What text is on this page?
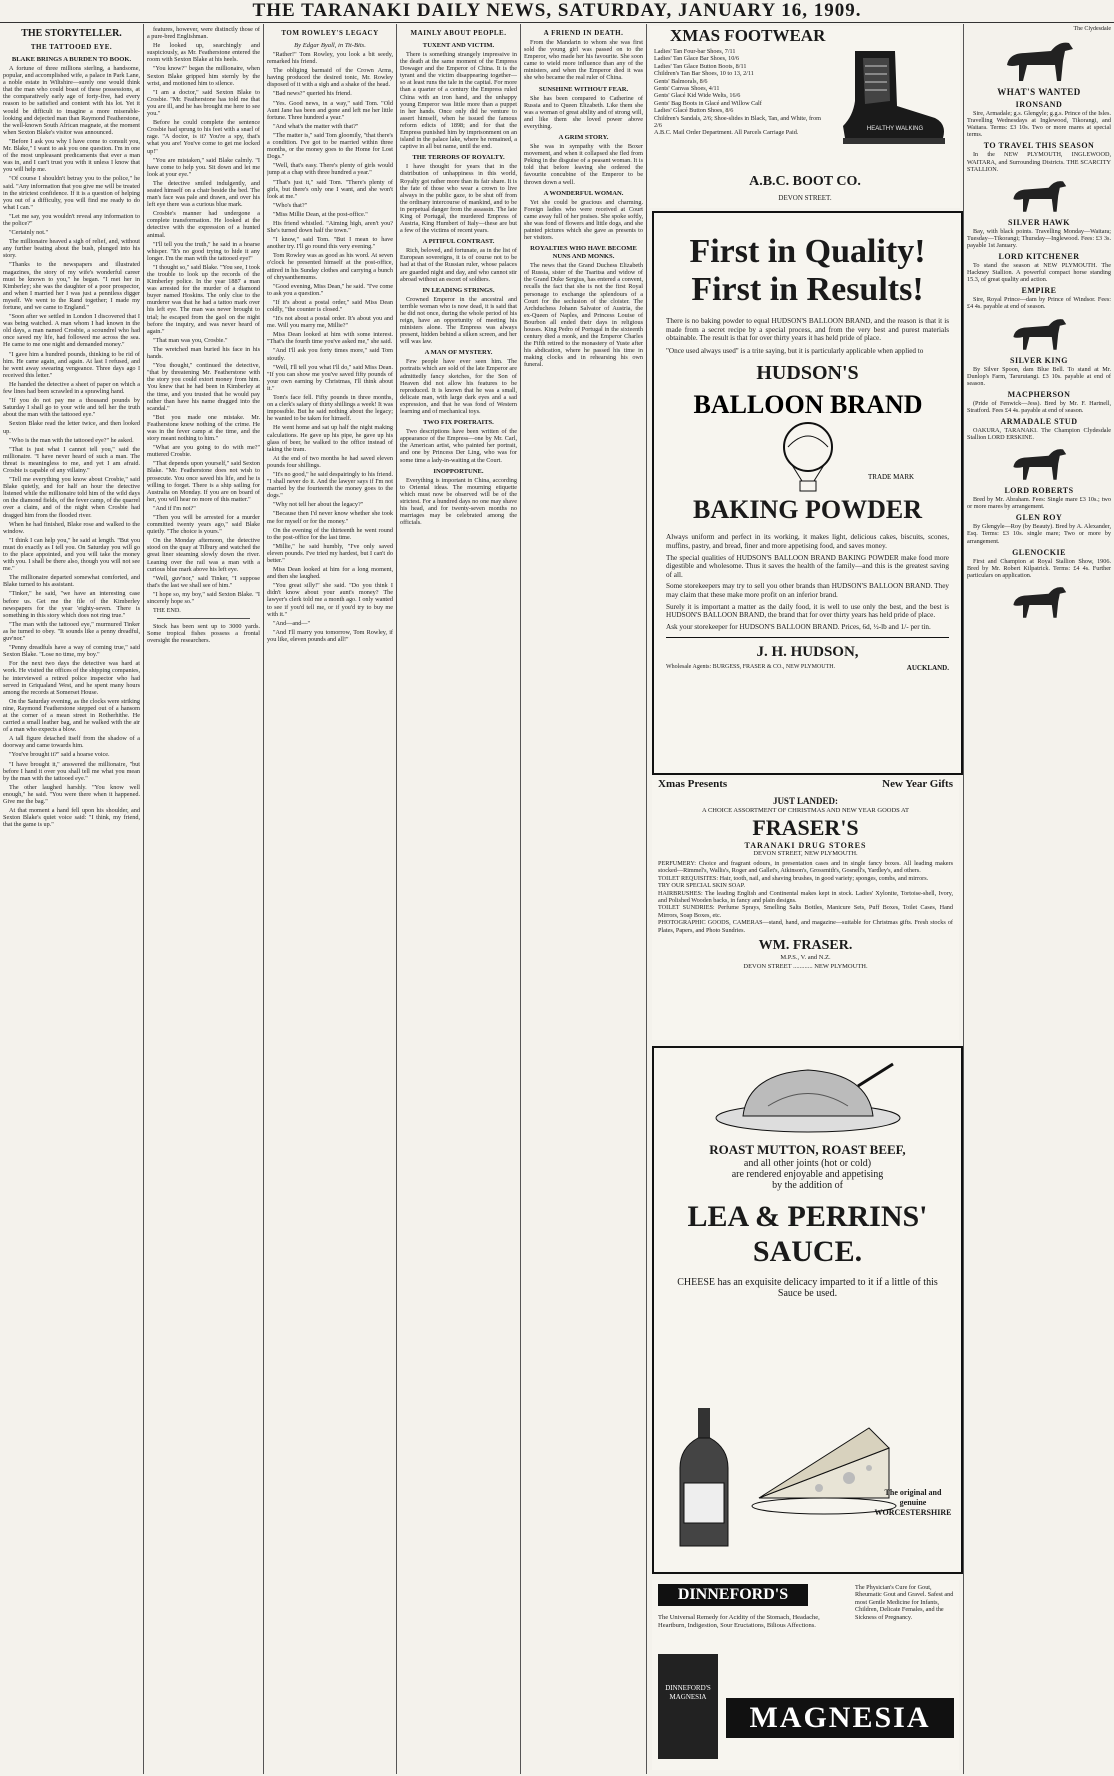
THE TARANAKI DAILY NEWS, SATURDAY, JANUARY 16, 1909.
THE STORYTELLER.
THE TATTOOED EYE.
BLAKE BRINGS A BURDEN TO BOOK.

A fortune of three millions sterling, a handsome, popular, and accomplished wife, a palace in Park Lane, a noble estate in Wiltshire—surely one would think that the man who could boast of these possessions, at the comparatively early age of forty-five, had every reason to be satisfied and content with his lot. Yet it would be difficult to imagine a more miserable-looking and dejected man than Raymond Featherstone, the well-known South African magnate, at the moment when Sexton Blake's visitor was announced.

"Before I ask you why I have come to consult you, Mr. Blake," I want to ask you one question. I'm in one of the most unpleasant predicaments that ever a man was in, and I can't trust you with it unless I know that you will help me.

"Of course I shouldn't betray you to the police," he said. "Any information that you give me will be treated in the strictest confidence. If it is a question of helping you out of a difficulty, you will find me ready to do what I can."

"Let me say, you wouldn't reveal any information to the police?"

"Certainly not."

The millionaire heaved a sigh of relief, and, without any further beating about the bush, plunged into his story.

"Thanks to the newspapers and illustrated magazines, the story of my wife's wonderful career must be known to you," he began. "I met her in Kimberley; she was the daughter of a poor prospector, and when I married her I was just a penniless digger myself. We went to the Rand together; I made my fortune, and we came to England."

"Soon after we settled in London I discovered that I was being watched. A man whom I had known in the old days, a man named Crosbie, a scoundrel who had once saved my life, had followed me across the sea. He came to me one night and demanded money."

"I gave him a hundred pounds, thinking to be rid of him. He came again, and again. At last I refused, and he went away swearing vengeance. Three days ago I received this letter."

He handed the detective a sheet of paper on which a few lines had been scrawled in a sprawling hand.

"If you do not pay me a thousand pounds by Saturday I shall go to your wife and tell her the truth about the man with the tattooed eye."

Sexton Blake read the letter twice, and then looked up.

"Who is the man with the tattooed eye?" he asked.

"That is just what I cannot tell you," said the millionaire. "I have never heard of such a man. The threat is meaningless to me, and yet I am afraid. Crosbie is capable of any villainy."

"Tell me everything you know about Crosbie," said Blake quietly, and for half an hour the detective listened while the millionaire told him of the wild days on the diamond fields, of the fever camp, of the quarrel over a claim, and of the night when Crosbie had dragged him from the flooded river.

When he had finished, Blake rose and walked to the window.

"I think I can help you," he said at length. "But you must do exactly as I tell you. On Saturday you will go to the place appointed, and you will take the money with you. I shall be there also, though you will not see me."

The millionaire departed somewhat comforted, and Blake turned to his assistant.

"Tinker," he said, "we have an interesting case before us. Get me the file of the Kimberley newspapers for the year 'eighty-seven. There is something in this story which does not ring true."

"The man with the tattooed eye," murmured Tinker as he turned to obey. "It sounds like a penny dreadful, guv'nor."

"Penny dreadfuls have a way of coming true," said Sexton Blake. "Lose no time, my boy."

For the next two days the detective was hard at work. He visited the offices of the shipping companies, he interviewed a retired police inspector who had served in Griqualand West, and he spent many hours among the records at Somerset House.

On the Saturday evening, as the clocks were striking nine, Raymond Featherstone stepped out of a hansom at the corner of a mean street in Rotherhithe. He carried a small leather bag, and he walked with the air of a man who expects a blow.

A tall figure detached itself from the shadow of a doorway and came towards him.

"You've brought it?" said a hoarse voice.

"I have brought it," answered the millionaire, "but before I hand it over you shall tell me what you mean by the man with the tattooed eye."

The other laughed harshly. "You know well enough," he said. "You were there when it happened. Give me the bag."

At that moment a hand fell upon his shoulder, and Sexton Blake's quiet voice said: "I think, my friend, that the game is up."

features, however, were distinctly those of a pure-bred Englishman.

He looked up, searchingly and suspiciously, as Mr. Featherstone entered the room with Sexton Blake at his heels.

"You know?" began the millionaire, when Sexton Blake gripped him sternly by the wrist, and motioned him to silence.

"I am a doctor," said Sexton Blake to Crosbie. "Mr. Featherstone has told me that you are ill, and he has brought me here to see you."

Before he could complete the sentence Crosbie had sprung to his feet with a snarl of rage. "A doctor, is it? You're a spy, that's what you are! You've come to get me locked up!"

"You are mistaken," said Blake calmly. "I have come to help you. Sit down and let me look at your eye."

The detective smiled indulgently, and seated himself on a chair beside the bed. The man's face was pale and drawn, and over his left eye there was a curious blue mark.

Crosbie's manner had undergone a complete transformation. He looked at the detective with the expression of a hunted animal.

"I'll tell you the truth," he said in a hoarse whisper. "It's no good trying to hide it any longer. I'm the man with the tattooed eye!"

"I thought so," said Blake. "You see, I took the trouble to look up the records of the Kimberley police. In the year 1887 a man was arrested for the murder of a diamond buyer named Hoskins. The only clue to the murderer was that he had a tattoo mark over his left eye. The man was never brought to trial; he escaped from the gaol on the night before the inquiry, and was never heard of again."

"That man was you, Crosbie."

The wretched man buried his face in his hands.

"You thought," continued the detective, "that by threatening Mr. Featherstone with the story you could extort money from him. You knew that he had been in Kimberley at the time, and you trusted that he would pay rather than have his name dragged into the scandal."

"But you made one mistake. Mr. Featherstone knew nothing of the crime. He was in the fever camp at the time, and the story meant nothing to him."

"What are you going to do with me?" muttered Crosbie.

"That depends upon yourself," said Sexton Blake. "Mr. Featherstone does not wish to prosecute. You once saved his life, and he is willing to forget. There is a ship sailing for Australia on Monday. If you are on board of her, you will hear no more of this matter."

"And if I'm not?"

"Then you will be arrested for a murder committed twenty years ago," said Blake quietly. "The choice is yours."

On the Monday afternoon, the detective stood on the quay at Tilbury and watched the great liner steaming slowly down the river. Leaning over the rail was a man with a curious blue mark above his left eye.

"Well, guv'nor," said Tinker, "I suppose that's the last we shall see of him."

"I hope so, my boy," said Sexton Blake. "I sincerely hope so."

THE END.

Stock has been sent up to 3000 yards. Some tropical fishes possess a frontal oversight the researchers.

TOM ROWLEY'S LEGACY
By Edgar Byall, in Tit-Bits.

"Rather!" Tom Rowley, you look a bit seedy, remarked his friend.

The obliging barmaid of the Crown Arms, having produced the desired tonic, Mr. Rowley disposed of it with a sigh and a shake of the head.

"Bad news?" queried his friend.

"Yes. Good news, in a way," said Tom. "Old Aunt Jane has been and gone and left me her little fortune. Three hundred a year."

"And what's the matter with that?"

"The matter is," said Tom gloomily, "that there's a condition. I've got to be married within three months, or the money goes to the Home for Lost Dogs."

"Well, that's easy. There's plenty of girls would jump at a chap with three hundred a year."

"That's just it," said Tom. "There's plenty of girls, but there's only one I want, and she won't look at me."

"Who's that?"

"Miss Millie Dean, at the post-office."

His friend whistled. "Aiming high, aren't you? She's turned down half the town."

"I know," said Tom. "But I mean to have another try. I'll go round this very evening."

Tom Rowley was as good as his word. At seven o'clock he presented himself at the post-office, attired in his Sunday clothes and carrying a bunch of chrysanthemums.

"Good evening, Miss Dean," he said. "I've come to ask you a question."

"If it's about a postal order," said Miss Dean coldly, "the counter is closed."

"It's not about a postal order. It's about you and me. Will you marry me, Millie?"

Miss Dean looked at him with some interest. "That's the fourth time you've asked me," she said.

"And I'll ask you forty times more," said Tom stoutly.

"Well, I'll tell you what I'll do," said Miss Dean. "If you can show me you've saved fifty pounds of your own earning by Christmas, I'll think about it."

Tom's face fell. Fifty pounds in three months, on a clerk's salary of thirty shillings a week! It was impossible. But he said nothing about the legacy; he wanted to be taken for himself.

He went home and sat up half the night making calculations. He gave up his pipe, he gave up his glass of beer, he walked to the office instead of taking the tram.

At the end of two months he had saved eleven pounds four shillings.

"It's no good," he said despairingly to his friend. "I shall never do it. And the lawyer says if I'm not married by the fourteenth the money goes to the dogs."

"Why not tell her about the legacy?"

"Because then I'd never know whether she took me for myself or for the money."

On the evening of the thirteenth he went round to the post-office for the last time.

"Millie," he said humbly, "I've only saved eleven pounds. I've tried my hardest, but I can't do better."

Miss Dean looked at him for a long moment, and then she laughed.

"You great silly!" she said. "Do you think I didn't know about your aunt's money? The lawyer's clerk told me a month ago. I only wanted to see if you'd tell me, or if you'd try to buy me with it."

"And—and—"

"And I'll marry you tomorrow, Tom Rowley, if you like, eleven pounds and all!"

MAINLY ABOUT PEOPLE.
TUXENT AND VICTIM.

There is something strangely impressive in the death at the same moment of the Empress Dowager and the Emperor of China. It is the tyrant and the victim disappearing together—so at least runs the tale in the capital. For more than a quarter of a century the Empress ruled China with an iron hand, and the unhappy young Emperor was little more than a puppet in her hands. Once only did he venture to assert himself, when he issued the famous reform edicts of 1898; and for that the Empress punished him by imprisonment on an island in the palace lake, where he remained, a captive in all but name, until the end.

THE TERRORS OF ROYALTY.

I have thought for years that in the distribution of unhappiness in this world, Royalty got rather more than its fair share. It is the fate of those who wear a crown to live always in the public gaze, to be shut off from the ordinary intercourse of mankind, and to be in perpetual danger from the assassin. The late King of Portugal, the murdered Empress of Austria, King Humbert of Italy—these are but a few of the victims of recent years.

A PITIFUL CONTRAST.

Rich, beloved, and fortunate, as in the list of European sovereigns, it is of course not to be had at that of the Russian ruler, whose palaces are guarded night and day, and who cannot stir abroad without an escort of soldiers.

IN LEADING STRINGS.

Crowned Emperor in the ancestral and terrible woman who is now dead, it is said that he did not once, during the whole period of his reign, have an opportunity of meeting his ministers alone. The Empress was always present, hidden behind a silken screen, and her will was law.

A MAN OF MYSTERY.

Few people have ever seen him. The portraits which are sold of the late Emperor are admittedly fancy sketches, for the Son of Heaven did not allow his features to be reproduced. It is known that he was a small, delicate man, with large dark eyes and a sad expression, and that he was fond of Western learning and of mechanical toys.

TWO FIX PORTRAITS.

Two descriptions have been written of the appearance of the Empress—one by Mr. Carl, the American artist, who painted her portrait, and one by Princess Der Ling, who was for some time a lady-in-waiting at the Court.

INOPPORTUNE.

Everything is important in China, according to Oriental ideas. The mourning etiquette which must now be observed will be of the strictest. For a hundred days no one may shave his head, and for twenty-seven months no marriages may be celebrated among the officials.

A FRIEND IN DEATH.

From the Mandarin to whom she was first sold the young girl was passed on to the Emperor, who made her his favourite. She soon came to wield more influence than any of the ministers, and when the Emperor died it was she who became the real ruler of China.

SUNSHINE WITHOUT FEAR.

She has been compared to Catherine of Russia and to Queen Elizabeth. Like them she was a woman of great ability and of strong will, and like them she loved power above everything.

A GRIM STORY.

She was in sympathy with the Boxer movement, and when it collapsed she fled from Peking in the disguise of a peasant woman. It is told that before leaving she ordered the favourite concubine of the Emperor to be thrown down a well.

A WONDERFUL WOMAN.

Yet she could be gracious and charming. Foreign ladies who were received at Court came away full of her praises. She spoke softly, she was fond of flowers and little dogs, and she painted pictures which she gave as presents to her visitors.

ROYALTIES WHO HAVE BECOME NUNS AND MONKS.

The news that the Grand Duchess Elizabeth of Russia, sister of the Tsaritsa and widow of the Grand Duke Sergius, has entered a convent, recalls the fact that she is not the first Royal personage to exchange the splendours of a Court for the seclusion of the cloister. The Archduchess Johann Salvator of Austria, the ex-Queen of Naples, and Princess Louise of Bourbon all ended their days in religious houses. King Pedro of Portugal in the sixteenth century died a monk, and the Emperor Charles the Fifth retired to the monastery of Yuste after his abdication, where he passed his time in making clocks and in rehearsing his own funeral.

XMAS FOOTWEAR
Ladies' Tan Four-bar Shoes, 7/11
Ladies' Tan Glace Bar Shoes, 10/6
Ladies' Tan Glace Button Boots, 8/11
Children's Tan Bar Shoes, 10 to 13, 2/11
Gents' Balmorals, 8/6
Gents' Canvas Shoes, 4/11
Gents' Glacé Kid Wide Welts, 16/6
Gents' Bag Boots in Glacé and Willow Calf
Ladies' Glacé Button Shoes, 8/6
Children's Sandals, 2/6; Shoe-slides in Black, Tan, and White, from 2/6
A.B.C. Mail Order Department. All Parcels Carriage Paid.
HEALTHY WALKING
A.B.C. BOOT CO.
DEVON STREET.
First in Quality!
First in Results!
There is no baking powder to equal HUDSON'S BALLOON BRAND, and the reason is that it is made from a secret recipe by a special process, and from the very best and purest materials obtainable. The result is that for over thirty years it has held pride of place.
"Once used always used" is a trite saying, but it is particularly applicable when applied to
HUDSON'S
BALLOON BRAND
TRADE MARK
BAKING POWDER
Always uniform and perfect in its working, it makes light, delicious cakes, biscuits, scones, muffins, pastry, and bread, finer and more appetising food, and saves money.
The special qualities of HUDSON'S BALLOON BRAND BAKING POWDER make food more digestible and wholesome. Thus it saves the health of the family—and this is the greatest saving of all.
Some storekeepers may try to sell you other brands than HUDSON'S BALLOON BRAND. They may claim that these make more profit on an inferior brand.
Surely it is important a matter as the daily food, it is well to use only the best, and the best is HUDSON'S BALLOON BRAND, the brand that for over thirty years has held pride of place.
Ask your storekeeper for HUDSON'S BALLOON BRAND. Prices, 6d, ½-lb and 1/- per tin.
J. H. HUDSON,
AUCKLAND.
Wholesale Agents: BURGESS, FRASER & CO., NEW PLYMOUTH.
Xmas Presents	New Year Gifts
JUST LANDED:
A CHOICE ASSORTMENT OF CHRISTMAS AND NEW YEAR GOODS AT
FRASER'S
TARANAKI DRUG STORES
DEVON STREET, NEW PLYMOUTH.
PERFUMERY: Choice and fragrant odours, in presentation cases and in single fancy boxes. All leading makers stocked—Rimmel's, Wallis's, Roger and Gallet's, Atkinson's, Grossmith's, Gosnell's, Yardley's, and others.
TOILET REQUISITES: Hair, tooth, nail, and shaving brushes, in good variety; sponges, combs, and mirrors.
TRY OUR SPECIAL SKIN SOAP.
HAIRBRUSHES: The leading English and Continental makes kept in stock. Ladies' Xylonite, Tortoise-shell, Ivory, and Polished Wooden backs, in fancy and plain designs.
TOILET SUNDRIES: Perfume Sprays, Smelling Salts Bottles, Manicure Sets, Puff Boxes, Toilet Cases, Hand Mirrors, Soap Boxes, etc.
PHOTOGRAPHIC GOODS, CAMERAS—stand, hand, and magazine—suitable for Christmas gifts. Fresh stocks of Plates, Papers, and Photo Sundries.
WM. FRASER.
M.P.S., V. and N.Z.
DEVON STREET ............ NEW PLYMOUTH.
ROAST MUTTON, ROAST BEEF,
and all other joints (hot or cold)
are rendered enjoyable and appetising
by the addition of
LEA & PERRINS'
SAUCE.
CHEESE has an exquisite delicacy imparted to it if a little of this Sauce be used.
The original and genuine WORCESTERSHIRE
DINNEFORD'S
The Universal Remedy for Acidity of the Stomach, Headache, Heartburn, Indigestion, Sour Eructations, Bilious Affections.
The Physician's Cure for Gout, Rheumatic Gout and Gravel. Safest and most Gentle Medicine for Infants, Children, Delicate Females, and the Sickness of Pregnancy.
DINNEFORD'S MAGNESIA
MAGNESIA
The Clydesdale
WHAT'S WANTED
IRONSAND

Sire, Armadale; g.s. Glengyle; g.g.s. Prince of the Isles. Travelling Wednesdays at Inglewood, Tikorangi, and Waitara. Terms: £3 10s. Two or more mares at special terms.

TO TRAVEL THIS SEASON

In the NEW PLYMOUTH, INGLEWOOD, WAITARA, and Surrounding Districts. THE SCARCITY STALLION.

SILVER HAWK

Bay, with black points. Travelling Monday—Waitara; Tuesday—Tikorangi; Thursday—Inglewood. Fees: £3 3s. payable 1st January.

LORD KITCHENER

To stand the season at NEW PLYMOUTH. The Hackney Stallion. A powerful compact horse standing 15.3, of great quality and action.

EMPIRE

Sire, Royal Prince—dam by Prince of Windsor. Fees: £4 4s. payable at end of season.

SILVER KING

By Silver Spoon, dam Blue Bell. To stand at Mr. Dunlop's Farm, Tarurutangi. £3 10s. payable at end of season.

MACPHERSON

(Pride of Fenwick—Jess). Bred by Mr. F. Hartnell, Stratford. Fees £4 4s. payable at end of season.

ARMADALE STUD

OAKURA, TARANAKI. The Champion Clydesdale Stallion LORD ERSKINE.

LORD ROBERTS

Bred by Mr. Abraham. Fees: Single mare £3 10s.; two or more mares by arrangement.

GLEN ROY

By Glengyle—Roy (by Beauty). Bred by A. Alexander, Esq. Terms: £3 10s. single mare; Two or more by arrangement.

GLENOCKIE

First and Champion at Royal Stallion Show, 1906. Bred by Mr. Robert Kilpatrick. Terms: £4 4s. Further particulars on application.
